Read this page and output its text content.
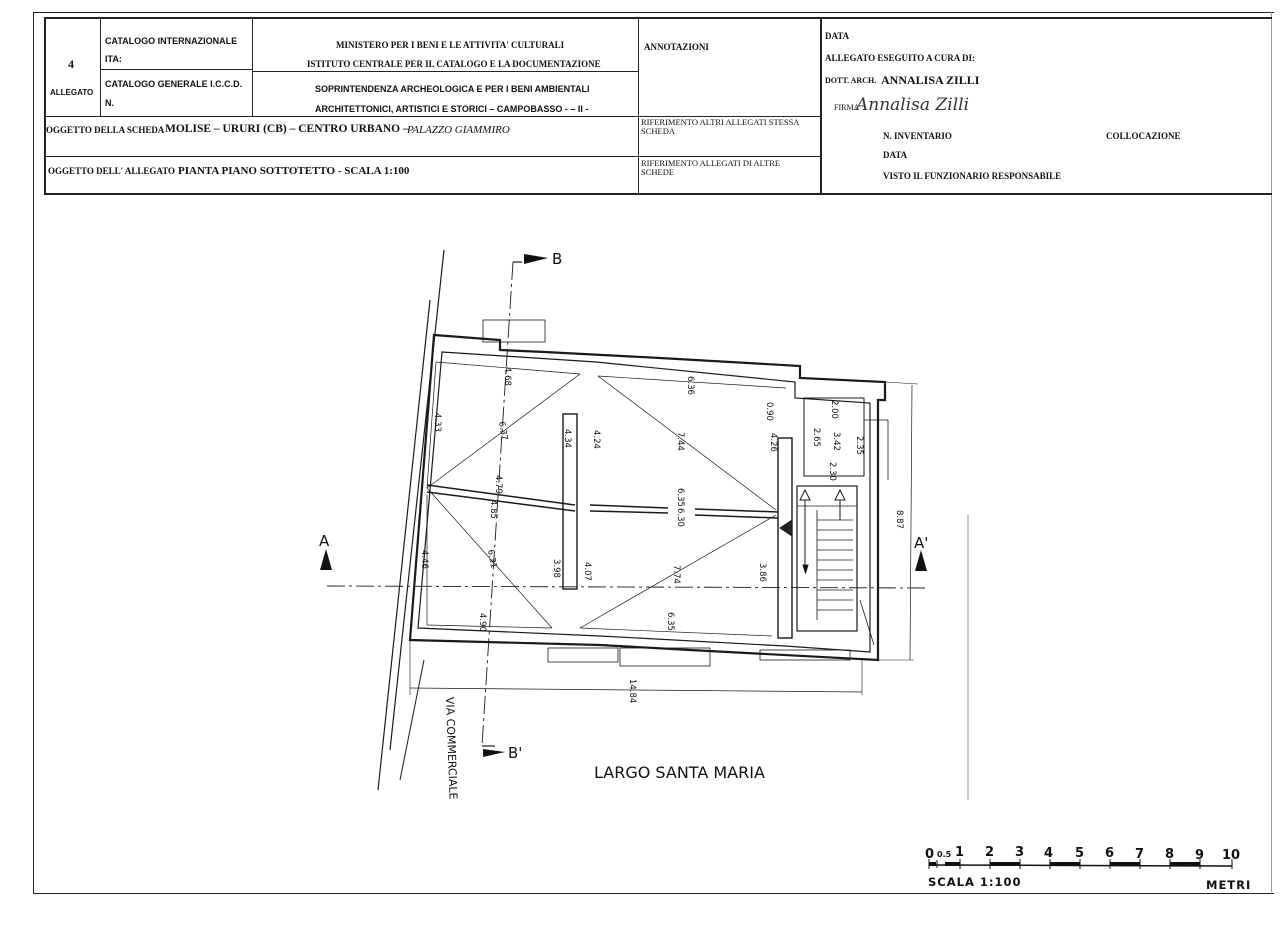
4
ALLEGATO
CATALOGO INTERNAZIONALE
ITA:
CATALOGO GENERALE I.C.C.D.
N.
MINISTERO PER I BENI E LE ATTIVITA' CULTURALI
ISTITUTO CENTRALE PER IL CATALOGO E LA DOCUMENTAZIONE
SOPRINTENDENZA ARCHEOLOGICA E PER I BENI AMBIENTALI
ARCHITETTONICI, ARTISTICI E STORICI – CAMPOBASSO - – II -
ANNOTAZIONI
DATA
ALLEGATO ESEGUITO A CURA DI:
DOTT. ARCH. ANNALISA ZILLI
FIRMA
Annalisa Zilli
OGGETTO DELLA SCHEDA MOLISE – URURI (CB) – CENTRO URBANO –
PALAZZO GIAMMIRO
RIFERIMENTO ALTRI ALLEGATI STESSA
SCHEDA	N. INVENTARIO	COLLOCAZIONE
DATA
OGGETTO DELL' ALLEGATO PIANTA PIANO SOTTOTETTO - SCALA 1:100
RIFERIMENTO ALLEGATI DI ALTRE
SCHEDE	VISTO IL FUNZIONARIO RESPONSABILE
B
B'
A	A'
VIA COMMERCIALE	LARGO SANTA MARIA
4.68	6.36
4.33	6.37	4.34 4.24	7.44
0.90
4.26
2.00
2.65 3.42 2.35
2.30
4.79
4.85
6.35
6.30	8.87
4.46	6.31	3.98 4.07	7.74	3.86
4.90	6.35
14.84
0 0.5 1 2 3 4 5 6 7 8 9 10
SCALA 1:100	METRI
